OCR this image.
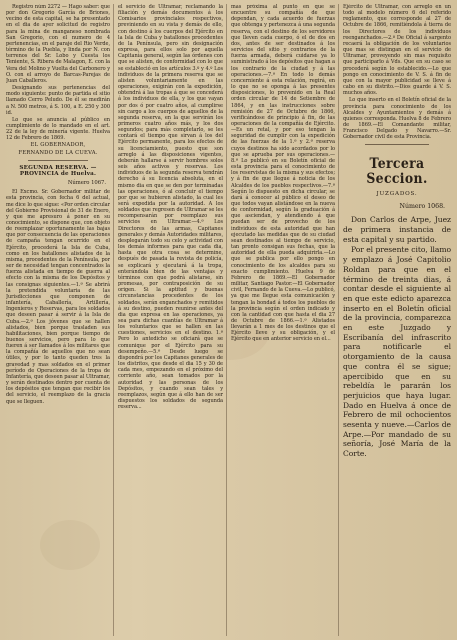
Registro núm 2272 — Hago saber: que por don Gregorio García de Briones, vecino de esta capital, se ha presentado en el dia de ayer solicitud de registro para la mina de manganeso nombrada San Gregorio, con el numero de 4 pertenencias, en el paraje del Rio Verde, término de la Puebla, y linda por N. con terrenos del Sr. Lobo y Cuesta los Teniente, S. Ribera de Malagon, E. con la Vera del Molino y Vuelta del Carbonero y O. con el arroyo de Barcas-Parejas de Juan Caballeros.

Designando sus pertenencias del modo siguiente: punto de partida el sitio llamado Cerro Peludo. De él se medirán a N. 500 metros, á S. 100, a E. 250 y 300 id.

Lo que se anuncia al público en cumplimiento de lo mandado en el art. 22 de la ley de minería vigente. Huelva 12 de Febrero de 1869.

EL GOBERNADOR,

FERNANDO DE LA CUEVA.

SEGUNDA RESERVA. — PROVINCIA de Huelva.

Número 1067.

El Excmo. Sr. Gobernador militar de esta provincia, con fecha 6 del actual, me dice lo que sigue: «Por orden circular del Gobierno Provisional de 31 de Enero, y que me apresuro á poner en su conocimiento, se dispone que, con objeto de reemplazar oportunamente las bajas que por consecuencia de las operaciones de campaña tengan ocurrido en el Ejército, procederá la Isla de Cuba, como en los batallones alistados de la misma, procedentes de la Península, por ser de necesidad tengan concentrados la fuerza alistada en tiempo de guerra al efecto con la misma de los Depósitos y las consignas siguientes.—1.ª Se abrirá la pretendida voluntaria de las Jurisdicciones que componen de infantería, Caballería, Artillería, Ingenieros y Reservas, para los soldados que deseen pasar á servir á la Isla de Cuba.—2.ª Los jóvenes que se hallen alistados, bien porque trasladen sus habilitaciones, bien porque tiempo de buenos servicios, pero para lo que fueren á ser llamados á los militares que la compañía de aquellos que no sean útiles, y por lo tanto queden tres la gravedad y mas soldados en el primer período de Operaciones de la tropa de Infantería, que deseen pasar al Ultramar, y serán destinados dentro por cuenta de los depósitos que tengan que recibir los del servicio, el reemplazo de la gracia que se lleguen.

el servicio de Ultramar, reclamando la filiación y demás documentos á los Comisarios provinciales respectivos, previniendo en su vista y demás de ello, con destino á los cuerpos del Ejército en la Isla de Cuba y batallones procedentes de la Península, pero sin designación expresa, para ellos solo por aquella Capitanía general, según las órdenes con que se alisten, de conformidad con lo que se estableció en los artículos 3.º y 4.º Los individuos de la primera reserva que se alisten voluntariamente en las operaciones, exigirán con la expedición, obtendrá á las tropas á que se concederá á los individuos de ella, y los que vayan por dos ó por cuatro años, al cumplirse sin cargo a los cuerpos de aquellos de la segunda reserva, en la que servirán los primeros cuatro años más, y los dos segundos; para más completarlo, se les contará el tiempo que sirvan á los del Ejército permanente, para los efectos de su licenciamiento, puesto que son arreglo á las disposiciones vigentes, deberán hallarse á servir hombres solos seis años activos y reservas. Los individuos de la segunda reserva tendrán derecho á su licencia absoluta, en el mismo dia en que se den por terminadas las operaciones, ó al concluir el tiempo por que se hubieren alistado, la cual les será expedida por la autoridad. A los soldados que regresen de Ultramar se les recompensarán por reemplazo sus servicios en Ultramar.—4.ª Los Directores de las armas, Capitanes generales y demás Autoridades militares, desplegarán todo su celo y actividad con los demás informes para que cada dia, hasta que otra cosa se determine, después de pasada la revista de policía, se explicará y ejecutará á la tropa, enterándola bien de las ventajas y términos con que podrá alistarse, sin promesas, por contraposición de su origen. Si la aptitud y buenas circunstancias procedentes de los soldados, serán enganchados y remitidos á su destino, pueden reunirse antes del dia que expresa en las operaciones, ya sea para dichas cuantías de Ultramar á los voluntarios que se hallen en las cuestiones, servicios en el destino. 1.ª Pero lo antedicho se oficiará que se comunique por el Ejército para su desempeño.—5.ª Desde luego se dispondrá por los Capitanes generales de los distritos, que desde el dia 15 y 30 de cada mes, empezando en el próximo del corriente año, sean tomados por la autoridad y las personas de los Depósitos, y cuando sean tales y reemplazos, según que á ello han de ser dispuestos los soldados de segunda reserva...

mas próxima al punto en que se encuentre su compañía de que dependan, y cada acuerdo de fuerzas que obtenga y pertenezca á una segunda reserva, con el destino de los servidores que lleven cada cuerpo, ó el de dos en dos, antes de ser destinados á los servicios del sitio y contrarios de la fuerza armada, deberá cuidarse ya lo suministrado á los depósitos que hagan a los contrario de la ciudad y á las operaciones.—7.ª En todo lo demás concerniente á esta relación, regirá, en lo que no se oponga á las presentes disposiciones, lo prevenido en la Real orden circular de 14 de Setiembre de 1864, y en las instrucciones sobre remisión de 27 de Octubre de 1866, verificándose de principio á fin, de las operaciones de la compañía de Ejército.—Es un retal, y por eso tengan la seguridad de cumplir con la expedición de las fuerzas de la 1.ª y 2.ª reserva cuyos destinos ha sido acordados por lo que se aprueba por sus operaciones.—8.ª Lo publicó en su Boletín oficial de esta provincia para el conocimiento de los reservistas de la misma y sus efectos; y á fin de que llegue á noticia de los Alcaldes de los pueblos respectivos.—7.ª Según lo dispuesto en dicha circular, se dará á conocer al público el deseo de que todos vayan alistándose en la nueva de conformidad, según la graduación á que asciendan, y atendiendo á que puedan ser de provecho de los individuos de esta autoridad que han ejecutado las medidas que de su ciudad sean destinados al tiempo de servicio, tan pronto consigan sus fechas, que la autoridad de ella pueda adquirirla.—Lo que se publica por ello pongo en conocimiento de los alcaldes para su exacto cumplimiento. Huelva 9 de Febrero de 1869.—El Gobernador militar, Santiago Pastor.—El Gobernador civil, Fernando de la Cueva.—Lo publicó, ya que me llegue esta comunicación y tengan la bondad á todos los pueblos de la provincia según el orden indicado y con la cantidad con que hasta el dia 27 de Octubre de 1866.—1.ª Alistados llevarán a 1 mes de los destinos que el Ejército lleve y su obligación, y el Ejército que en anterior servicio en el...

Ejército de Ultramar, con arreglo en un todo al modelo número 6 del referido reglamento, que corresponde al 27 de Octubre de 1866, remitiéndola á tierra de los Directores de los individuos reenganchados.—2.º De Oficial á sargento recaerá la obligación de los voluntarios que mas se distingan en el servicio de Ultramar, proveyendo sin mas requisito que participarlo á Vds. Que en su caso se procederá según lo establecido.—Lo que pongo en conocimiento de V. S. á fin de que con la mayor publicidad se lleve á cabo en su distrito.—Dios guarde á V. S. muchos años.

Lo que inserto en el Boletín oficial de la provincia para conocimiento de los Alcaldes y Ayuntamientos y demás á quienes corresponda. Huelva 8 de Febrero de 1869.—El Comandante militar, Francisco Delgado y Navarro.—Sr. Gobernador civil de esta Provincia.

Tercera Seccion.

JUZGADOS.

Número 1068.

Don Carlos de Arpe, Juez de primera instancia de esta capital y su partido.

Por el presente cito, llamo y emplazo á José Capitolio Roldan para que en el término de treinta dias, á contar desde el siguiente al en que este edicto aparezca inserto en el Boletín oficial de la provincia, comparezca en este Juzgado y Escribanía del infrascrito para notificarle el otorgamiento de la causa que contra él se sigue; apercibido que en su rebeldía le pararán los perjuicios que haya lugar. Dado en Huelva á once de Febrero de mil ochocientos sesenta y nueve.—Carlos de Arpe.—Por mandado de su señoría, José María de la Corte.
